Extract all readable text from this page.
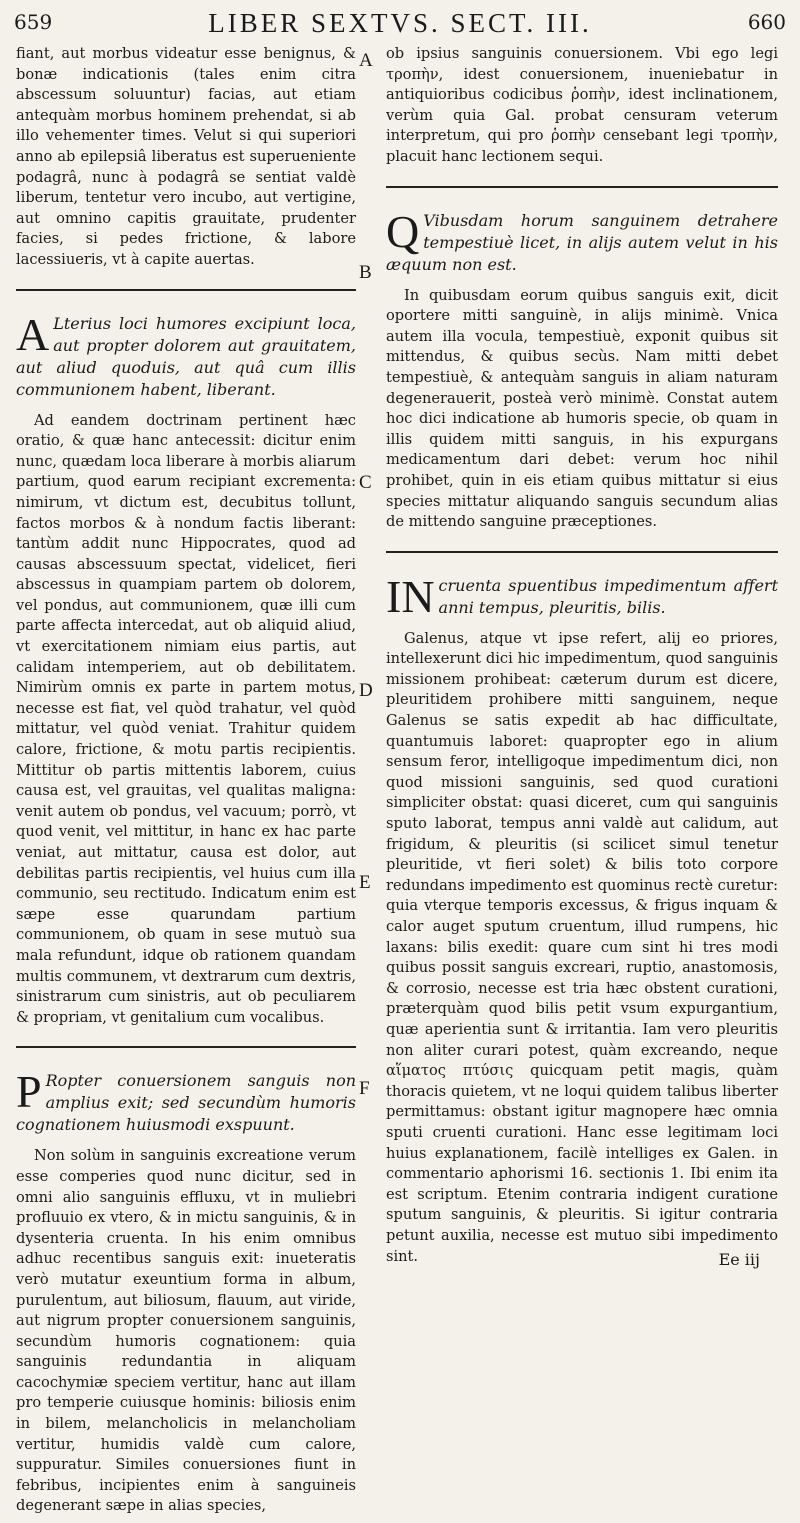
659	LIBER SEXTVS. SECT. III.	660

fiant, aut morbus videatur esse benignus, & bonæ indicationis (tales enim citra abscessum soluuntur) facias, aut etiam antequàm morbus hominem prehendat, si ab illo vehementer times. Velut si qui superiori anno ab epilepsiâ liberatus est superueniente podagrâ, nunc à podagrâ se sentiat valdè liberum, tentetur vero incubo, aut vertigine, aut omnino capitis grauitate, prudenter facies, si pedes frictione, & labore lacessiueris, vt à capite auertas.

A Lterius loci humores excipiunt loca, aut propter dolorem aut grauitatem, aut aliud quoduis, aut quâ cum illis communionem habent, liberant.

Ad eandem doctrinam pertinent hæc oratio, & quæ hanc antecessit: dicitur enim nunc, quædam loca liberare à morbis aliarum partium, quod earum recipiant excrementa: nimirum, vt dictum est, decubitus tollunt, factos morbos & à nondum factis liberant: tantùm addit nunc Hippocrates, quod ad causas abscessuum spectat, videlicet, fieri abscessus in quampiam partem ob dolorem, vel pondus, aut communionem, quæ illi cum parte affecta intercedat, aut ob aliquid aliud, vt exercitationem nimiam eius partis, aut calidam intemperiem, aut ob debilitatem. Nimirùm omnis ex parte in partem motus, necesse est fiat, vel quòd trahatur, vel quòd mittatur, vel quòd veniat. Trahitur quidem calore, frictione, & motu partis recipientis. Mittitur ob partis mittentis laborem, cuius causa est, vel grauitas, vel qualitas maligna: venit autem ob pondus, vel vacuum; porrò, vt quod venit, vel mittitur, in hanc ex hac parte veniat, aut mittatur, causa est dolor, aut debilitas partis recipientis, vel huius cum illa communio, seu rectitudo. Indicatum enim est sæpe esse quarundam partium communionem, ob quam in sese mutuò sua mala refundunt, idque ob rationem quandam multis communem, vt dextrarum cum dextris, sinistrarum cum sinistris, aut ob peculiarem & propriam, vt genitalium cum vocalibus.

P Ropter conuersionem sanguis non amplius exit; sed secundùm humoris cognationem huiusmodi exspuunt.

Non solùm in sanguinis excreatione verum esse comperies quod nunc dicitur, sed in omni alio sanguinis effluxu, vt in muliebri profluuio ex vtero, & in mictu sanguinis, & in dysenteria cruenta. In his enim omnibus adhuc recentibus sanguis exit: inueteratis verò mutatur exeuntium forma in album, purulentum, aut biliosum, flauum, aut viride, aut nigrum propter conuersionem sanguinis, secundùm humoris cognationem: quia sanguinis redundantia in aliquam cacochymiæ speciem vertitur, hanc aut illam pro temperie cuiusque hominis: biliosis enim in bilem, melancholicis in melancholiam vertitur, humidis valdè cum calore, suppuratur. Similes conuersiones fiunt in febribus, incipientes enim à sanguineis degenerant sæpe in alias species,

A
B
C
D
E
F

ob ipsius sanguinis conuersionem. Vbi ego legi τροπὴν, idest conuersionem, inueniebatur in antiquioribus codicibus ῥοπὴν, idest inclinationem, verùm quia Gal. probat censuram veterum interpretum, qui pro ῥοπὴν censebant legi τροπὴν, placuit hanc lectionem sequi.

Q Vibusdam horum sanguinem detrahere tempestiuè licet, in alijs autem velut in his æquum non est.

In quibusdam eorum quibus sanguis exit, dicit oportere mitti sanguinè, in alijs minimè. Vnica autem illa vocula, tempestiuè, exponit quibus sit mittendus, & quibus secùs. Nam mitti debet tempestiuè, & antequàm sanguis in aliam naturam degenerauerit, posteà verò minimè. Constat autem hoc dici indicatione ab humoris specie, ob quam in illis quidem mitti sanguis, in his expurgans medicamentum dari debet: verum hoc nihil prohibet, quin in eis etiam quibus mittatur si eius species mittatur aliquando sanguis secundum alias de mittendo sanguine præceptiones.

IN cruenta spuentibus impedimentum affert anni tempus, pleuritis, bilis.

Galenus, atque vt ipse refert, alij eo priores, intellexerunt dici hic impedimentum, quod sanguinis missionem prohibeat: cæterum durum est dicere, pleuritidem prohibere mitti sanguinem, neque Galenus se satis expedit ab hac difficultate, quantumuis laboret: quapropter ego in alium sensum feror, intelligoque impedimentum dici, non quod missioni sanguinis, sed quod curationi simpliciter obstat: quasi diceret, cum qui sanguinis sputo laborat, tempus anni valdè aut calidum, aut frigidum, & pleuritis (si scilicet simul tenetur pleuritide, vt fieri solet) & bilis toto corpore redundans impedimento est quominus rectè curetur: quia vterque temporis excessus, & frigus inquam & calor auget sputum cruentum, illud rumpens, hic laxans: bilis exedit: quare cum sint hi tres modi quibus possit sanguis excreari, ruptio, anastomosis, & corrosio, necesse est tria hæc obstent curationi, præterquàm quod bilis petit vsum expurgantium, quæ aperientia sunt & irritantia. Iam vero pleuritis non aliter curari potest, quàm excreando, neque αἵματος πτύσις quicquam petit magis, quàm thoracis quietem, vt ne loqui quidem talibus liberter permittamus: obstant igitur magnopere hæc omnia sputi cruenti curationi. Hanc esse legitimam loci huius explanationem, facilè intelliges ex Galen. in commentario aphorismi 16. sectionis 1. Ibi enim ita est scriptum. Etenim contraria indigent curatione sputum sanguinis, & pleuritis. Si igitur contraria petunt auxilia, necesse est mutuo sibi impedimento sint.	Ee iij
